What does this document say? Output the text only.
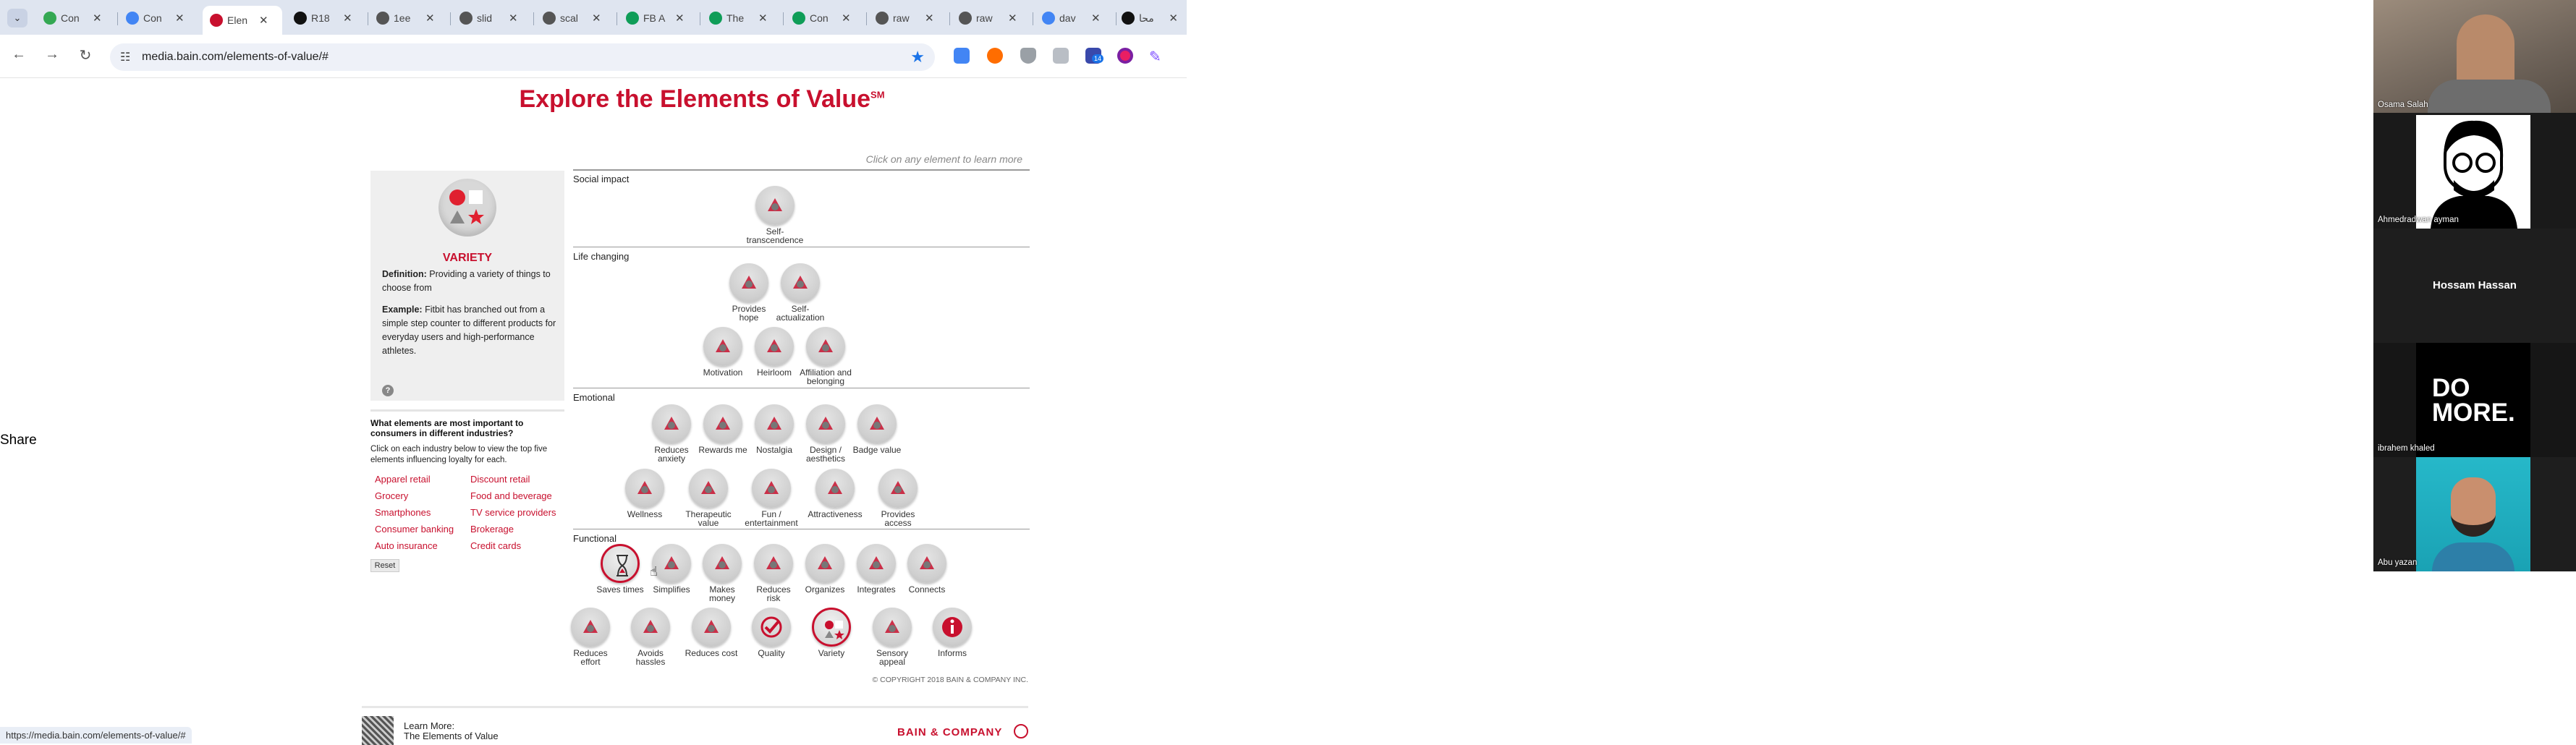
⌄	Con ✕	Con ✕	Elen ✕	R18 ✕	1ee	✕	slid	✕	scal	✕	FB A ✕	The	✕	Con ✕	raw	✕	raw	✕	dav	✕	محا	✕
← → ↻	☷ media.bain.com/elements-of-value/#	★	14	✎
Share
Explore the Elements of Value℠
Click on any element to learn more
Social impact
Life changing
Emotional
Functional
VARIETY
Definition: Providing a variety of things to choose from
Example: Fitbit has branched out from a simple step counter to different products for everyday users and high-performance athletes.
?
What elements are most important to consumers in different industries?
Click on each industry below to view the top five elements influencing loyalty for each.
Apparel retail
Grocery
Smartphones
Consumer banking
Auto insurance
Discount retail
Food and beverage
TV service providers
Brokerage
Credit cards
Reset
Self-
transcendence
Provides
hope
Self-
actualization
Motivation	Heirloom Affiliation and
belonging
Reduces
anxiety
Rewards me	Nostalgia	Design /
aesthetics
Badge value
Wellness	Therapeutic
value
Fun /
entertainment
Attractiveness	Provides
access
Saves times	Simplifies	Makes
money
Reduces
risk
Organizes	Integrates	Connects
Reduces
effort
Avoids
hassles
Reduces cost	Quality	Variety	Sensory
appeal
Informs
© COPYRIGHT 2018 BAIN & COMPANY INC.
Learn More:
The Elements of Value	BAIN & COMPANY
https://media.bain.com/elements-of-value/#
☝
Osama Salah
Ahmedradwan ayman
Hossam Hassan
DO MORE.
ibrahem khaled
Abu yazan
